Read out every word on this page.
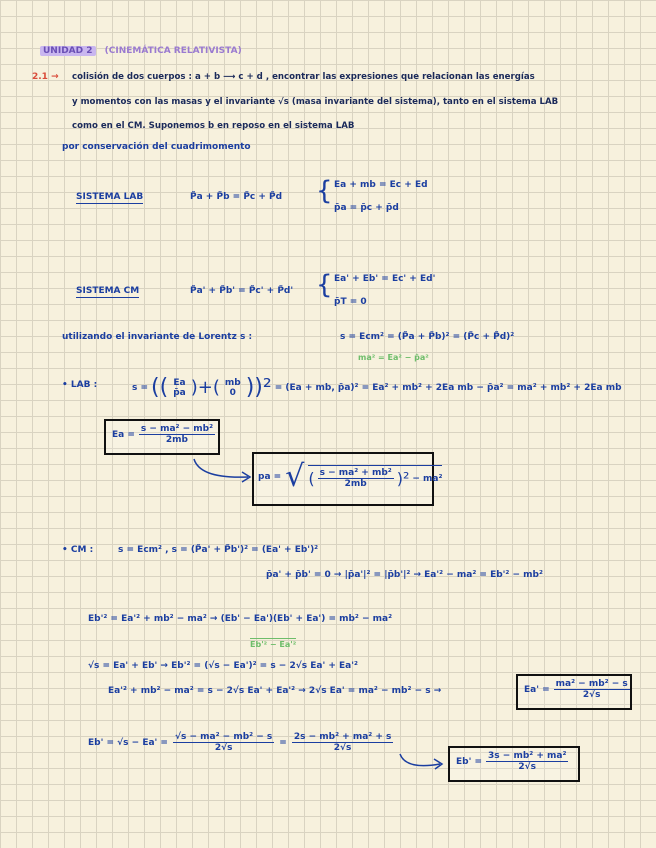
UNIDAD 2 (CINEMÁTICA RELATIVISTA)
2.1 → colisión de dos cuerpos : a + b ⟶ c + d , encontrar las expresiones que relacionan las energías
y momentos con las masas y el invariante √s (masa invariante del sistema), tanto en el sistema LAB
como en el CM. Suponemos b en reposo en el sistema LAB
por conservación del cuadrimomento
SISTEMA LAB	P̃a + P̃b = P̃c + P̃d { Ea + mb = Ec + Ed
p̄a = p̄c + p̄d
SISTEMA CM	P̃a' + P̃b' = P̃c' + P̃d' { Ea' + Eb' = Ec' + Ed'
p̄T = 0
utilizando el invariante de Lorentz s :	s = Ecm² = (P̃a + P̃b)² = (P̃c + P̃d)²
ma² = Ea² − p̄a²
• LAB :	s = (( Ea
p̄a )+( mb
0 ))² = (Ea + mb, p̄a)² = Ea² + mb² + 2Ea mb − p̄a² = ma² + mb² + 2Ea mb
$Ea = \frac{\text{s − ma² − mb²}}{2mb}$
pa = √ ( $\frac{\text{s − ma² + mb²}}{2mb} )^2 - ma^2$
• CM :	s = Ecm² , s = (P̃a' + P̃b')² = (Ea' + Eb')²
p̄a' + p̄b' = 0 → |p̄a'|² = |p̄b'|² → Ea'² − ma² = Eb'² − mb²
Eb'² = Ea'² + mb² − ma² → (Eb' − Ea')(Eb' + Ea') = mb² − ma²
Eb'² − Ea'²
√s = Ea' + Eb' → Eb'² = (√s − Ea')² = s − 2√s Ea' + Ea'²
Ea'² + mb² − ma² = s − 2√s Ea' + Ea'² → 2√s Ea' = ma² − mb² − s →	$Ea' = \frac{\text{ma² − mb² − s}}{2√s}$
$Eb' = √s - Ea' = \frac{\text{√s − ma² − mb² − s}}{2√s} = \frac{\text{2s − mb² + ma² + s}}{2√s}$
$Eb' = \frac{\text{3s − mb² + ma²}}{2√s}$
